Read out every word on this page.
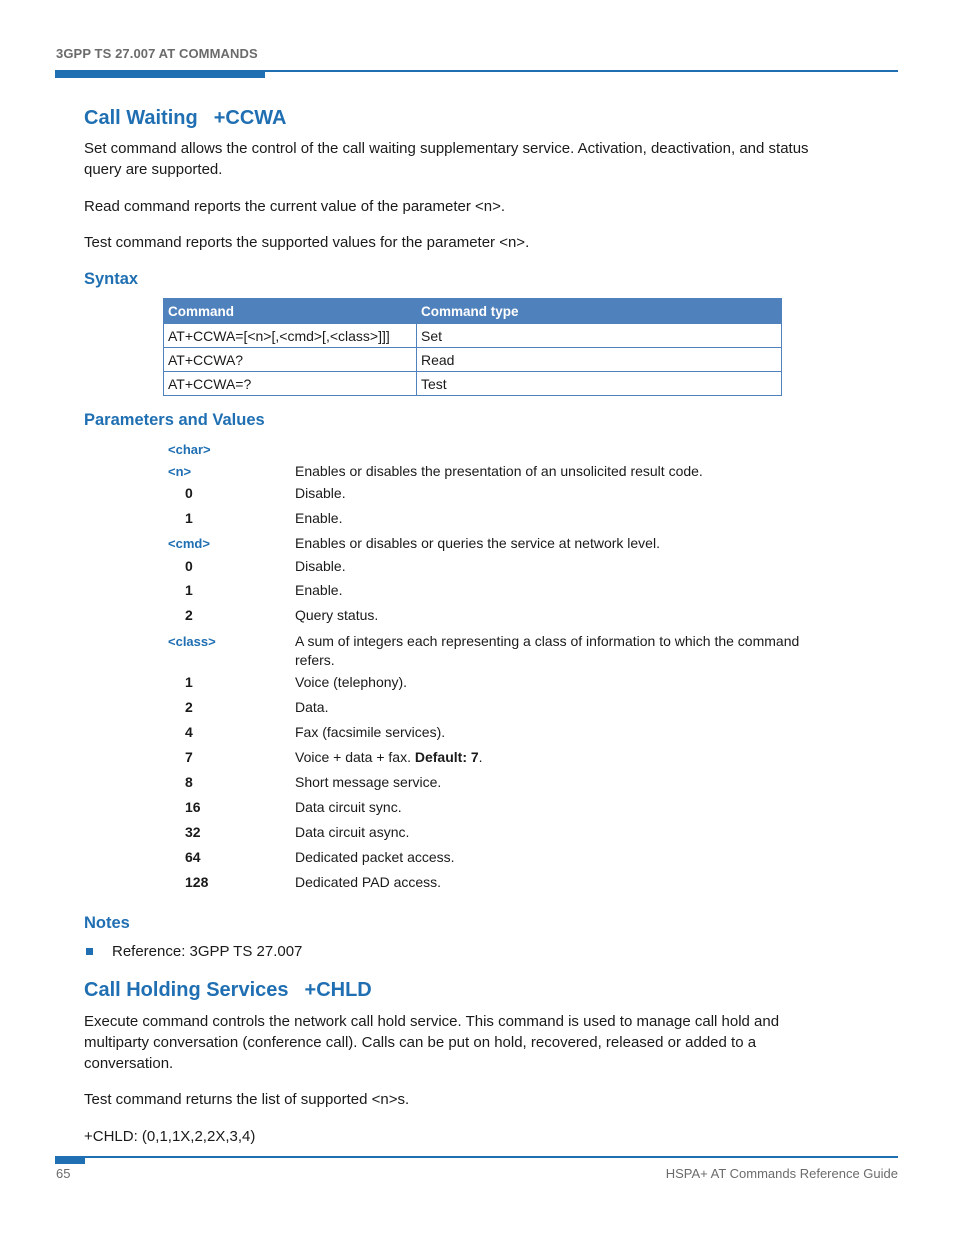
3GPP TS 27.007 AT COMMANDS
Call Waiting +CCWA
Set command allows the control of the call waiting supplementary service. Activation, deactivation, and status
query are supported.
Read command reports the current value of the parameter <n>.
Test command reports the supported values for the parameter <n>.
Syntax
Command	Command type
AT+CCWA=[<n>[,<cmd>[,<class>]]]	Set
AT+CCWA?	Read
AT+CCWA=?	Test
Parameters and Values
<char>
<n>	Enables or disables the presentation of an unsolicited result code.
0	Disable.
1	Enable.
<cmd>	Enables or disables or queries the service at network level.
0	Disable.
1	Enable.
2	Query status.
<class>	A sum of integers each representing a class of information to which the command
refers.
1	Voice (telephony).
2	Data.
4	Fax (facsimile services).
7	Voice + data + fax. Default: 7.
8	Short message service.
16	Data circuit sync.
32	Data circuit async.
64	Dedicated packet access.
128	Dedicated PAD access.
Notes
Reference: 3GPP TS 27.007
Call Holding Services +CHLD
Execute command controls the network call hold service. This command is used to manage call hold and
multiparty conversation (conference call). Calls can be put on hold, recovered, released or added to a
conversation.
Test command returns the list of supported <n>s.
+CHLD: (0,1,1X,2,2X,3,4)
65	HSPA+ AT Commands Reference Guide
